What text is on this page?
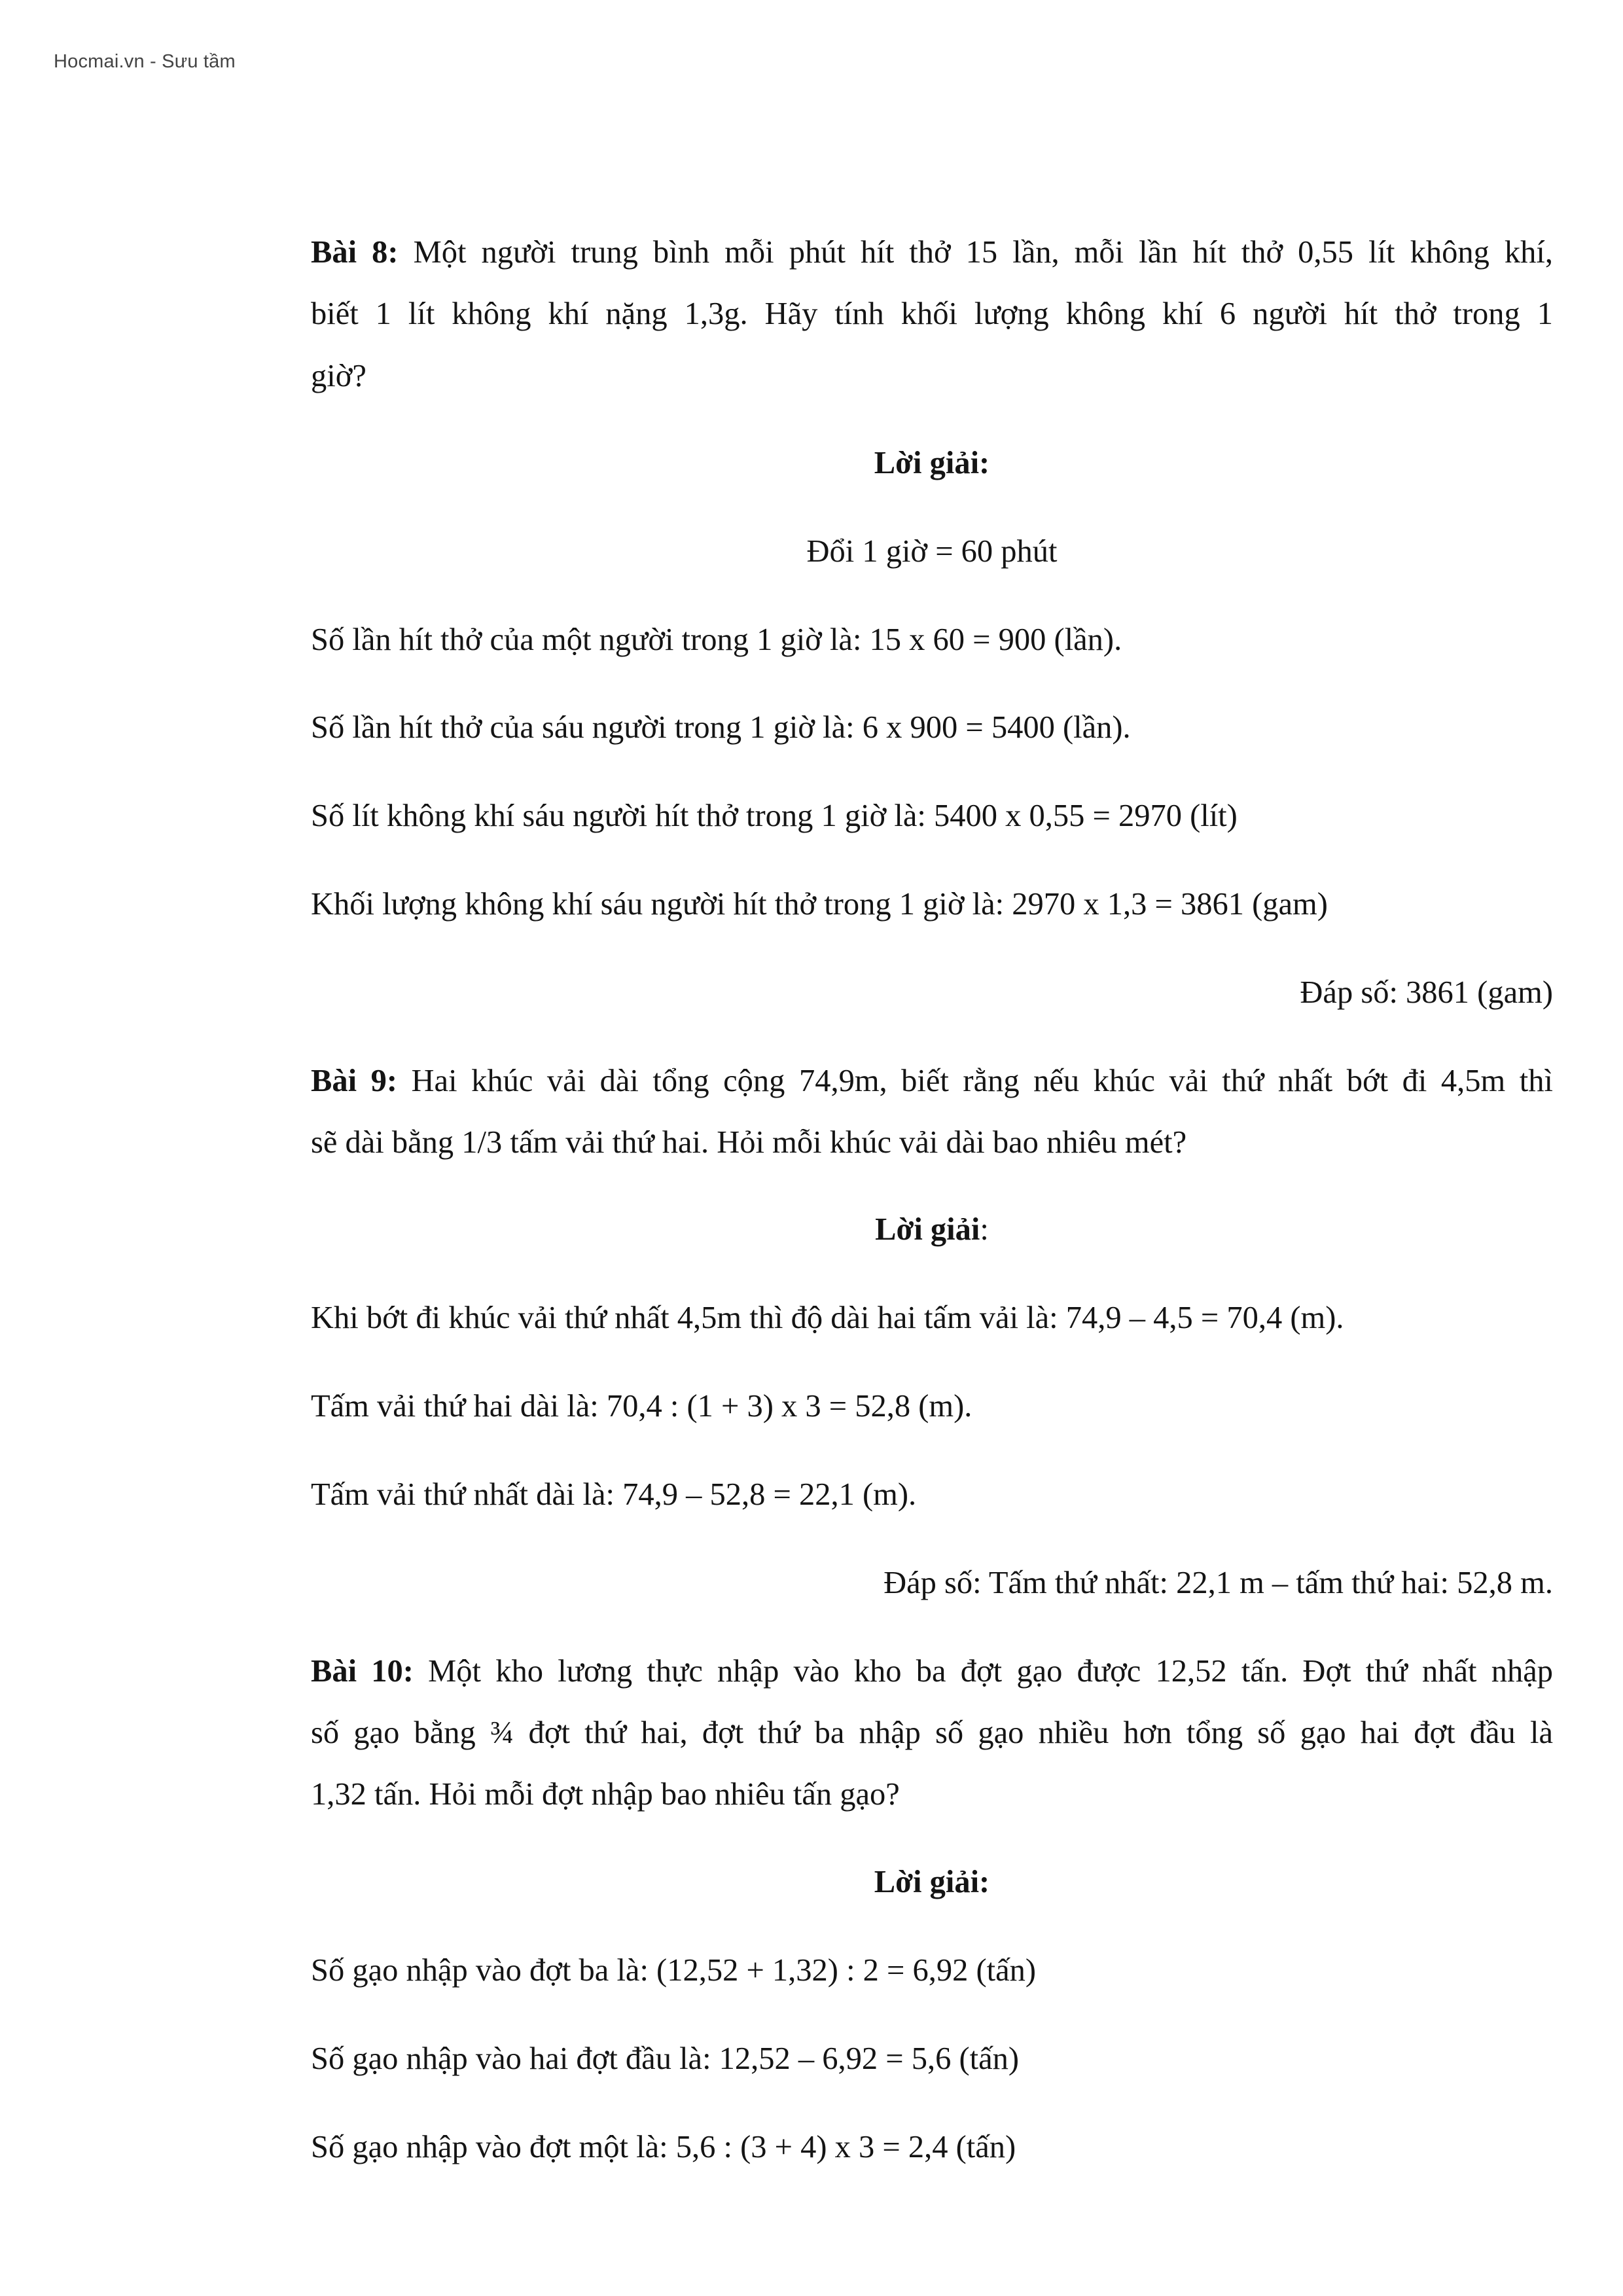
Hocmai.vn - Sưu tầm
Bài 8: Một người trung bình mỗi phút hít thở 15 lần, mỗi lần hít thở 0,55 lít không khí,
biết 1 lít không khí nặng 1,3g. Hãy tính khối lượng không khí 6 người hít thở trong 1
giờ?
Lời giải:
Đổi 1 giờ = 60 phút
Số lần hít thở của một người trong 1 giờ là: 15 x 60 = 900 (lần).
Số lần hít thở của sáu người trong 1 giờ là: 6 x 900 = 5400 (lần).
Số lít không khí sáu người hít thở trong 1 giờ là: 5400 x 0,55 = 2970 (lít)
Khối lượng không khí sáu người hít thở trong 1 giờ là: 2970 x 1,3 = 3861 (gam)
Đáp số: 3861 (gam)
Bài 9: Hai khúc vải dài tổng cộng 74,9m, biết rằng nếu khúc vải thứ nhất bớt đi 4,5m thì
sẽ dài bằng 1/3 tấm vải thứ hai. Hỏi mỗi khúc vải dài bao nhiêu mét?
Lời giải:
Khi bớt đi khúc vải thứ nhất 4,5m thì độ dài hai tấm vải là: 74,9 – 4,5 = 70,4 (m).
Tấm vải thứ hai dài là: 70,4 : (1 + 3) x 3 = 52,8 (m).
Tấm vải thứ nhất dài là: 74,9 – 52,8 = 22,1 (m).
Đáp số: Tấm thứ nhất: 22,1 m – tấm thứ hai: 52,8 m.
Bài 10: Một kho lương thực nhập vào kho ba đợt gạo được 12,52 tấn. Đợt thứ nhất nhập
số gạo bằng ¾ đợt thứ hai, đợt thứ ba nhập số gạo nhiều hơn tổng số gạo hai đợt đầu là
1,32 tấn. Hỏi mỗi đợt nhập bao nhiêu tấn gạo?
Lời giải:
Số gạo nhập vào đợt ba là: (12,52 + 1,32) : 2 = 6,92 (tấn)
Số gạo nhập vào hai đợt đầu là: 12,52 – 6,92 = 5,6 (tấn)
Số gạo nhập vào đợt một là: 5,6 : (3 + 4) x 3 = 2,4 (tấn)
